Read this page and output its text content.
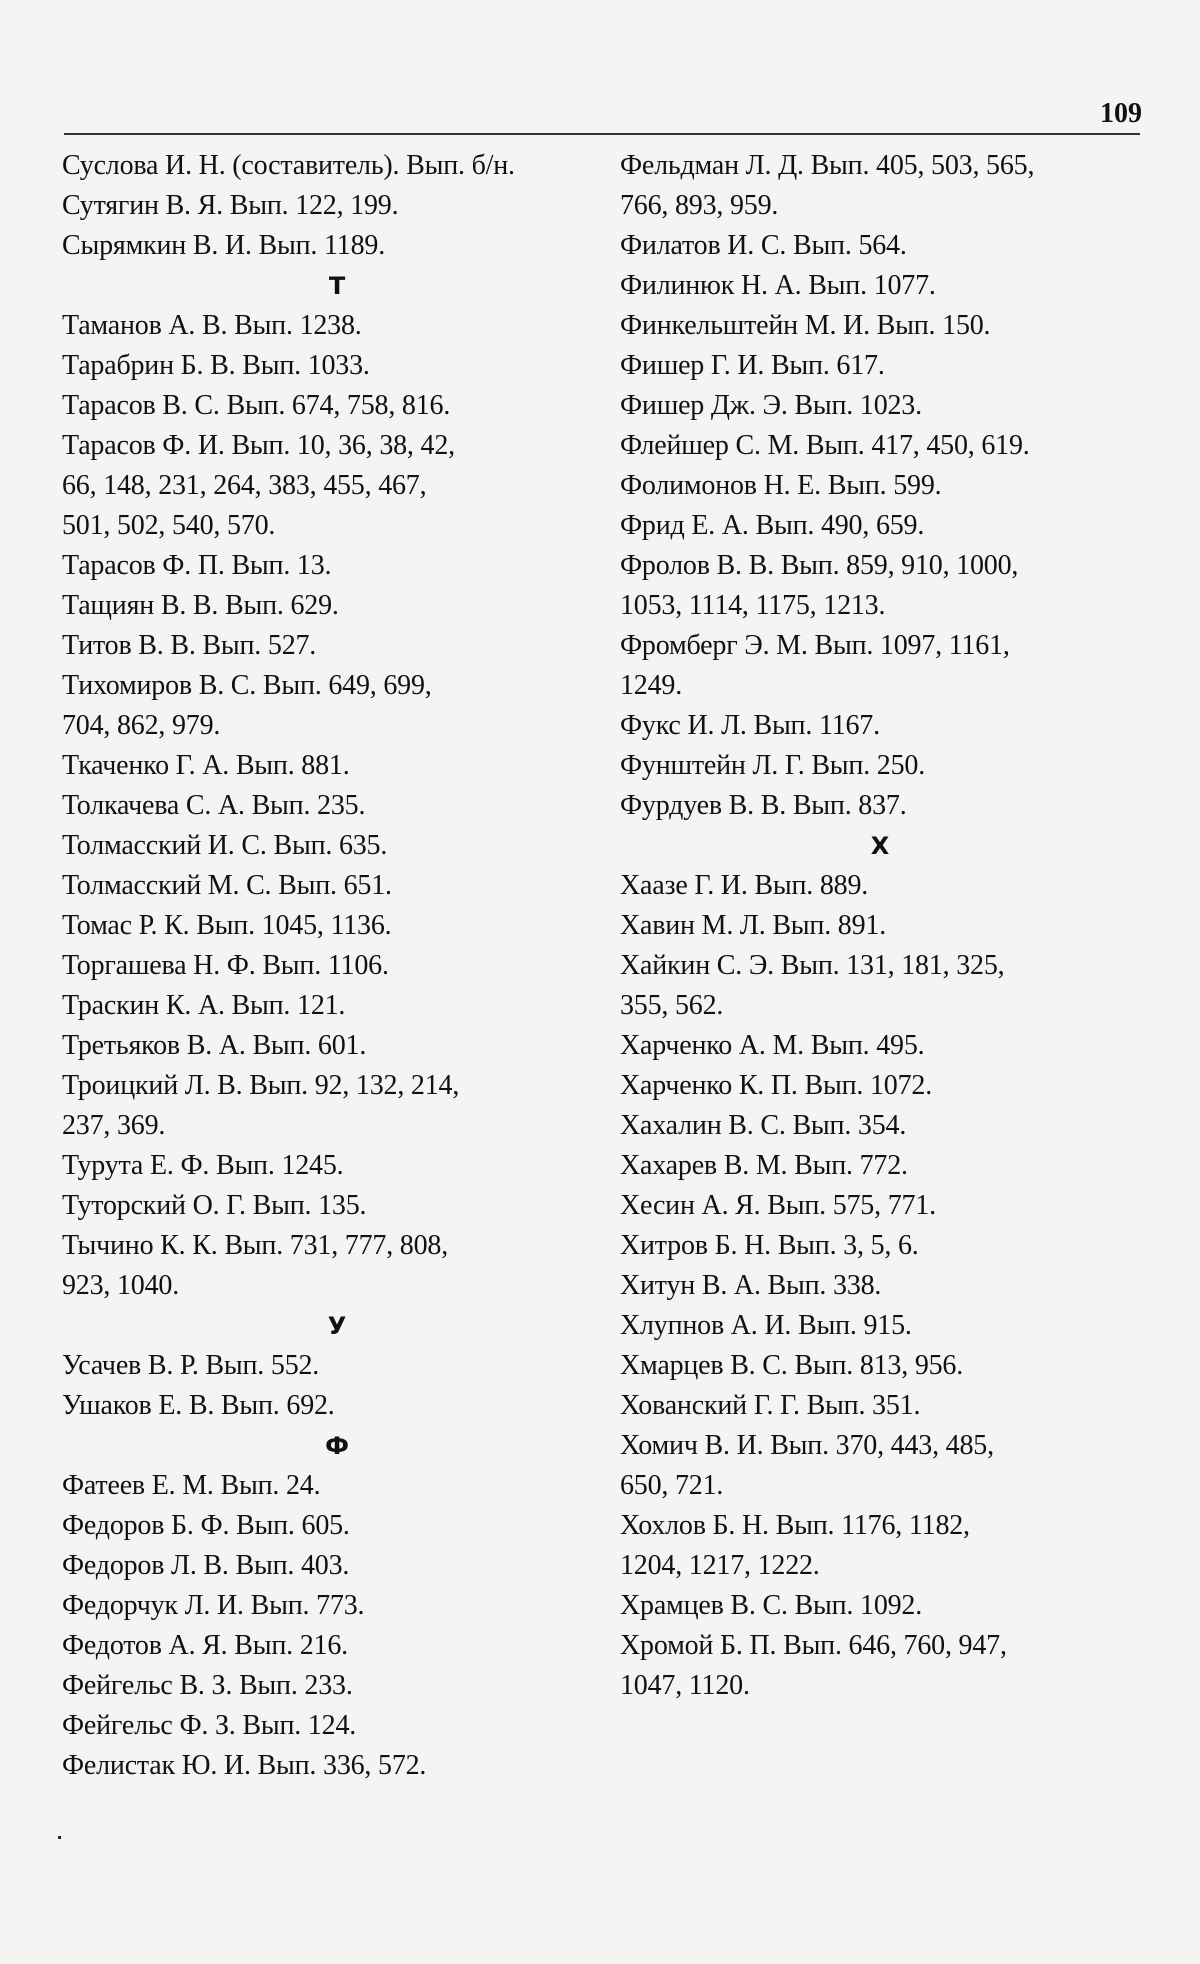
109
Суслова И. Н. (составитель). Вып. б/н.
Сутягин В. Я. Вып. 122, 199.
Сырямкин В. И. Вып. 1189.
Т
Таманов А. В. Вып. 1238.
Тарабрин Б. В. Вып. 1033.
Тарасов В. С. Вып. 674, 758, 816.
Тарасов Ф. И. Вып. 10, 36, 38, 42,
66, 148, 231, 264, 383, 455, 467,
501, 502, 540, 570.
Тарасов Ф. П. Вып. 13.
Тащиян В. В. Вып. 629.
Титов В. В. Вып. 527.
Тихомиров В. С. Вып. 649, 699,
704, 862, 979.
Ткаченко Г. А. Вып. 881.
Толкачева С. А. Вып. 235.
Толмасский И. С. Вып. 635.
Толмасский М. С. Вып. 651.
Томас Р. К. Вып. 1045, 1136.
Торгашева Н. Ф. Вып. 1106.
Траскин К. А. Вып. 121.
Третьяков В. А. Вып. 601.
Троицкий Л. В. Вып. 92, 132, 214,
237, 369.
Турута Е. Ф. Вып. 1245.
Туторский О. Г. Вып. 135.
Тычино К. К. Вып. 731, 777, 808,
923, 1040.
У
Усачев В. Р. Вып. 552.
Ушаков Е. В. Вып. 692.
Ф
Фатеев Е. М. Вып. 24.
Федоров Б. Ф. Вып. 605.
Федоров Л. В. Вып. 403.
Федорчук Л. И. Вып. 773.
Федотов А. Я. Вып. 216.
Фейгельс В. З. Вып. 233.
Фейгельс Ф. З. Вып. 124.
Фелистак Ю. И. Вып. 336, 572.
Фельдман Л. Д. Вып. 405, 503, 565,
766, 893, 959.
Филатов И. С. Вып. 564.
Филинюк Н. А. Вып. 1077.
Финкельштейн М. И. Вып. 150.
Фишер Г. И. Вып. 617.
Фишер Дж. Э. Вып. 1023.
Флейшер С. М. Вып. 417, 450, 619.
Фолимонов Н. Е. Вып. 599.
Фрид Е. А. Вып. 490, 659.
Фролов В. В. Вып. 859, 910, 1000,
1053, 1114, 1175, 1213.
Фромберг Э. М. Вып. 1097, 1161,
1249.
Фукс И. Л. Вып. 1167.
Фунштейн Л. Г. Вып. 250.
Фурдуев В. В. Вып. 837.
Х
Хаазе Г. И. Вып. 889.
Хавин М. Л. Вып. 891.
Хайкин С. Э. Вып. 131, 181, 325,
355, 562.
Харченко А. М. Вып. 495.
Харченко К. П. Вып. 1072.
Хахалин В. С. Вып. 354.
Хахарев В. М. Вып. 772.
Хесин А. Я. Вып. 575, 771.
Хитров Б. Н. Вып. 3, 5, 6.
Хитун В. А. Вып. 338.
Хлупнов А. И. Вып. 915.
Хмарцев В. С. Вып. 813, 956.
Хованский Г. Г. Вып. 351.
Хомич В. И. Вып. 370, 443, 485,
650, 721.
Хохлов Б. Н. Вып. 1176, 1182,
1204, 1217, 1222.
Храмцев В. С. Вып. 1092.
Хромой Б. П. Вып. 646, 760, 947,
1047, 1120.
